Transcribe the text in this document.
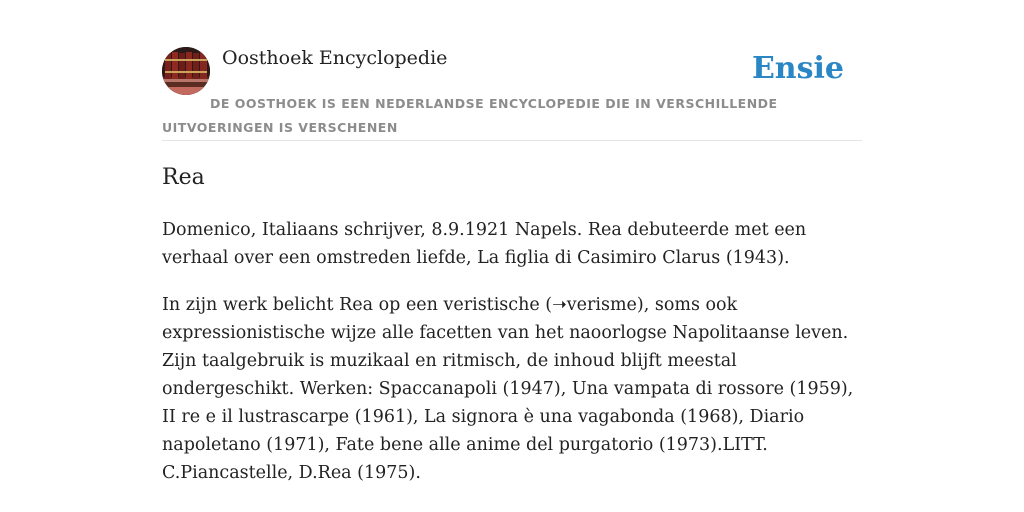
Oosthoek Encyclopedie	Ensie
DE OOSTHOEK IS EEN NEDERLANDSE ENCYCLOPEDIE DIE IN VERSCHILLENDE UITVOERINGEN IS VERSCHENEN
Rea

Domenico, Italiaans schrijver, 8.9.1921 Napels. Rea debuteerde met een verhaal over een omstreden liefde, La figlia di Casimiro Clarus (1943).

In zijn werk belicht Rea op een veristische (➝verisme), soms ook expressionistische wijze alle facetten van het naoorlogse Napolitaanse leven. Zijn taalgebruik is muzikaal en ritmisch, de inhoud blijft meestal ondergeschikt. Werken: Spaccanapoli (1947), Una vampata di rossore (1959), II re e il lustrascarpe (1961), La signora è una vagabonda (1968), Diario napoletano (1971), Fate bene alle anime del purgatorio (1973).LITT. C.Piancastelle, D.Rea (1975).
